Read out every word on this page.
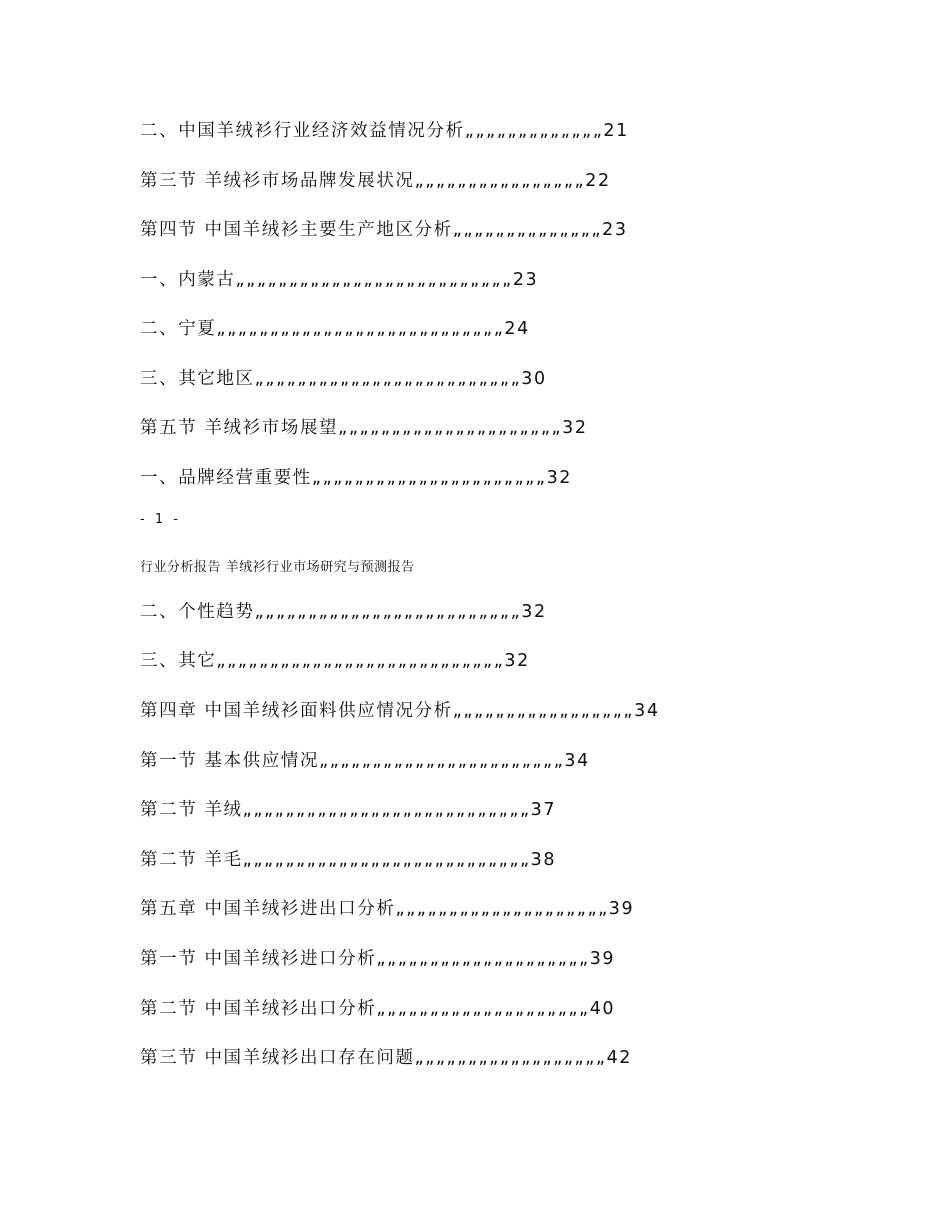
二、中国羊绒衫行业经济效益情况分析„„„„„„„„„„„„„21
第三节 羊绒衫市场品牌发展状况„„„„„„„„„„„„„„„„22
第四节 中国羊绒衫主要生产地区分析„„„„„„„„„„„„„„23
一、内蒙古„„„„„„„„„„„„„„„„„„„„„„„„„„23
二、宁夏„„„„„„„„„„„„„„„„„„„„„„„„„„„24
三、其它地区„„„„„„„„„„„„„„„„„„„„„„„„„30
第五节 羊绒衫市场展望„„„„„„„„„„„„„„„„„„„„„32
一、品牌经营重要性„„„„„„„„„„„„„„„„„„„„„„32
- 1 -
行业分析报告 羊绒衫行业市场研究与预测报告
二、个性趋势„„„„„„„„„„„„„„„„„„„„„„„„„32
三、其它„„„„„„„„„„„„„„„„„„„„„„„„„„„32
第四章 中国羊绒衫面料供应情况分析„„„„„„„„„„„„„„„„„34
第一节 基本供应情况„„„„„„„„„„„„„„„„„„„„„„„34
第二节 羊绒„„„„„„„„„„„„„„„„„„„„„„„„„„„37
第二节 羊毛„„„„„„„„„„„„„„„„„„„„„„„„„„„38
第五章 中国羊绒衫进出口分析„„„„„„„„„„„„„„„„„„„„39
第一节 中国羊绒衫进口分析„„„„„„„„„„„„„„„„„„„„39
第二节 中国羊绒衫出口分析„„„„„„„„„„„„„„„„„„„„40
第三节 中国羊绒衫出口存在问题„„„„„„„„„„„„„„„„„„42
